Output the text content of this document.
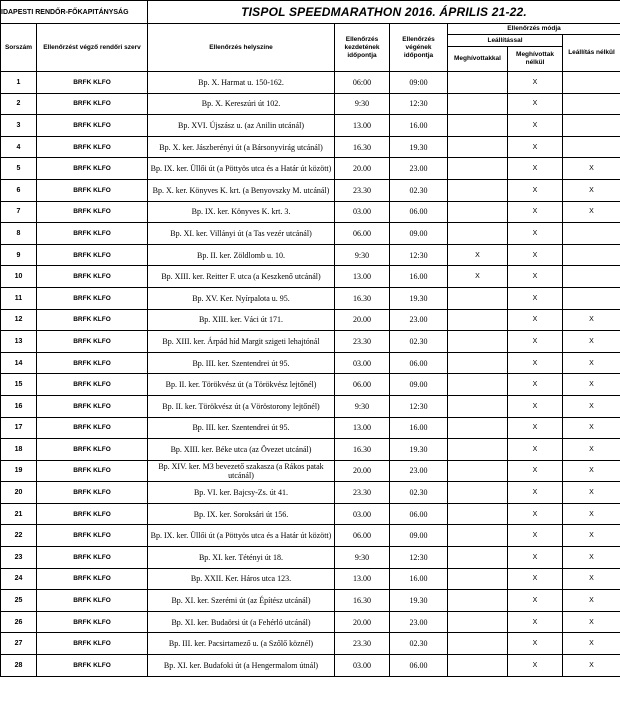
IDAPESTI RENDŐR-FŐKAPITÁNYSÁG		TISPOL SPEEDMARATHON 2016. ÁPRILIS 21-22.					
Sorszám	Ellenőrzést végző rendőri szerv	Ellenőrzés helyszíne	Ellenőrzés kezdetének időpontja	Ellenőrzés végének időpontja	Ellenőrzés módja		
					Leállítással		Leállítás nélkül
					Meghívottakkal	Meghívottak nélkül	
1	BRFK KLFO	Bp. X. Harmat u. 150-162.	06:00	09:00		X	
2	BRFK KLFO	Bp. X. Kereszúri út 102.	9:30	12:30		X	
3	BRFK KLFO	Bp. XVI. Újszász u. (az Anilin utcánál)	13.00	16.00		X	
4	BRFK KLFO	Bp. X. ker. Jászberényi út (a Bársonyvirág utcánál)	16.30	19.30		X	
5	BRFK KLFO	Bp. IX. ker. Üllői út (a Pöttyös utca és a Határ út között)	20.00	23.00		X	X
6	BRFK KLFO	Bp. X. ker. Könyves K. krt. (a Benyovszky M. utcánál)	23.30	02.30		X	X
7	BRFK KLFO	Bp. IX. ker. Könyves K. krt. 3.	03.00	06.00		X	X
8	BRFK KLFO	Bp. XI. ker. Villányi út (a Tas vezér utcánál)	06.00	09.00		X	
9	BRFK KLFO	Bp. II. ker. Zöldlomb u. 10.	9:30	12:30	X	X	
10	BRFK KLFO	Bp. XIII. ker. Reitter F. utca (a Keszkenő utcánál)	13.00	16.00	X	X	
11	BRFK KLFO	Bp. XV. Ker. Nyírpalota u. 95.	16.30	19.30		X	
12	BRFK KLFO	Bp. XIII. ker. Váci út 171.	20.00	23.00		X	X
13	BRFK KLFO	Bp. XIII. ker. Árpád híd Margit szigeti lehajtónál	23.30	02.30		X	X
14	BRFK KLFO	Bp. III. ker. Szentendrei út 95.	03.00	06.00		X	X
15	BRFK KLFO	Bp. II. ker. Törökvész út (a Törökvész lejtőnél)	06.00	09.00		X	X
16	BRFK KLFO	Bp. II. ker. Törökvész út (a Vöröstorony lejtőnél)	9:30	12:30		X	X
17	BRFK KLFO	Bp. III. ker. Szentendrei út 95.	13.00	16.00		X	X
18	BRFK KLFO	Bp. XIII. ker. Béke utca (az Övezet utcánál)	16.30	19.30		X	X
19	BRFK KLFO	Bp. XIV. ker. M3 bevezető szakasza (a Rákos patak utcánál)	20.00	23.00		X	X
20	BRFK KLFO	Bp. VI. ker. Bajcsy-Zs. út 41.	23.30	02.30		X	X
21	BRFK KLFO	Bp. IX. ker. Soroksári út 156.	03.00	06.00		X	X
22	BRFK KLFO	Bp. IX. ker. Üllői út (a Pöttyös utca és a Határ út között)	06.00	09.00		X	X
23	BRFK KLFO	Bp. XI. ker. Tétényi út 18.	9:30	12:30		X	X
24	BRFK KLFO	Bp. XXII. Ker. Háros utca 123.	13.00	16.00		X	X
25	BRFK KLFO	Bp. XI. ker. Szerémi út (az Építész utcánál)	16.30	19.30		X	X
26	BRFK KLFO	Bp. XI. ker. Budaörsi út (a Fehérló utcánál)	20.00	23.00		X	X
27	BRFK KLFO	Bp. III. ker. Pacsirtamező u. (a Szőlő köznél)	23.30	02.30		X	X
28	BRFK KLFO	Bp. XI. ker. Budafoki út (a Hengermalom útnál)	03.00	06.00		X	X
